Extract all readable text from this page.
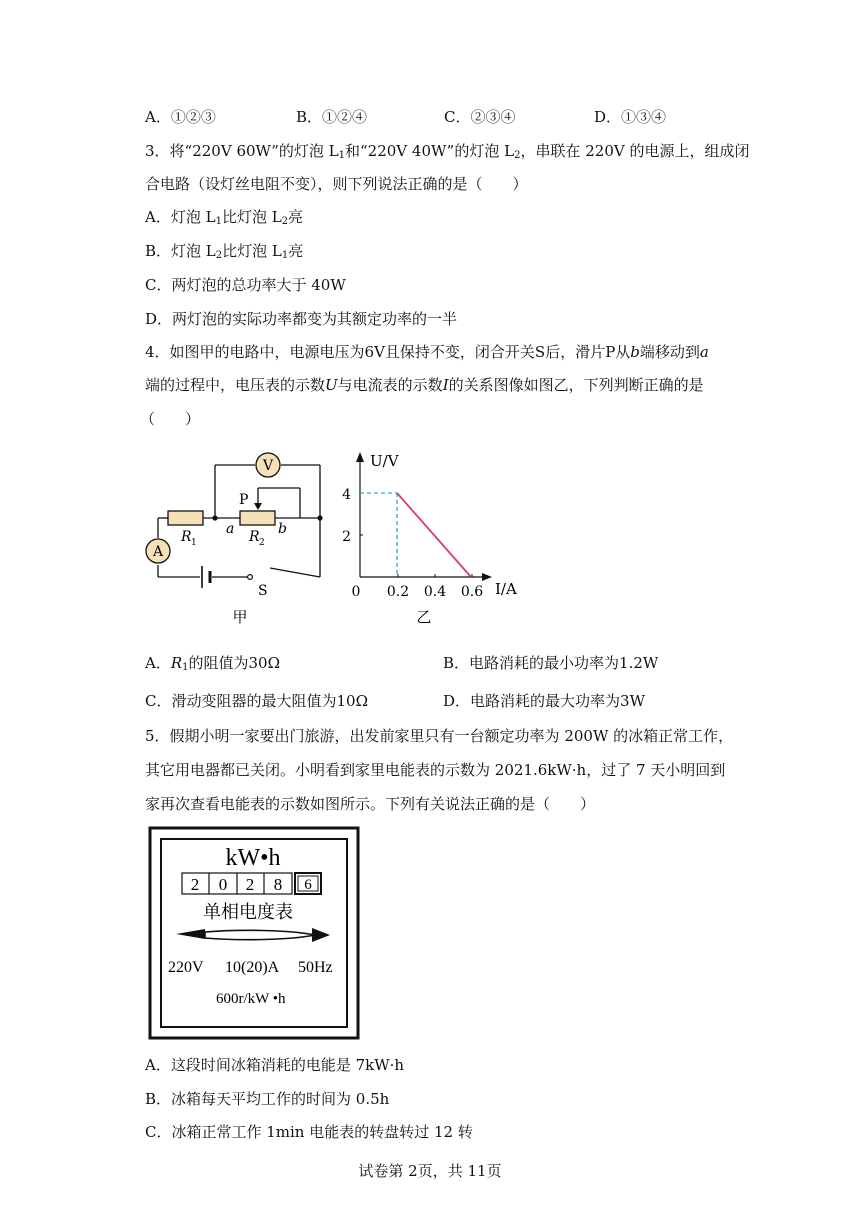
A．①②③	B．①②④	C．②③④	D．①③④
3．将“220V 60W”的灯泡 $L_1$和“220V 40W”的灯泡 $L_2$，串联在 220V 的电源上，组成闭
合电路（设灯丝电阻不变），则下列说法正确的是（　　）
A．灯泡 $L_1$比灯泡 $L_2$亮
B．灯泡 $L_2$比灯泡 $L_1$亮
C．两灯泡的总功率大于 40W
D．两灯泡的实际功率都变为其额定功率的一半
4．如图甲的电路中，电源电压为6V且保持不变，闭合开关S后，滑片P从b端移动到a
端的过程中，电压表的示数U与电流表的示数I的关系图像如图乙，下列判断正确的是
（　　）
V
A
P
R 1	R 2
a	b
S
甲
U/V
I/A
0
4
2
0.2 0.4 0.6
乙
A．$R_1$的阻值为30Ω	B．电路消耗的最小功率为1.2W
C．滑动变阻器的最大阻值为10Ω	D．电路消耗的最大功率为3W
5．假期小明一家要出门旅游，出发前家里只有一台额定功率为 200W 的冰箱正常工作，
其它用电器都已关闭。小明看到家里电能表的示数为 2021.6kW·h，过了 7 天小明回到
家再次查看电能表的示数如图所示。下列有关说法正确的是（　　）
kW•h
2 0 2 8 6
单相电度表
220V 10(20)A 50Hz
600r/kW •h
A．这段时间冰箱消耗的电能是 7kW·h
B．冰箱每天平均工作的时间为 0.5h
C．冰箱正常工作 1min 电能表的转盘转过 12 转
试卷第 2页，共 11页
